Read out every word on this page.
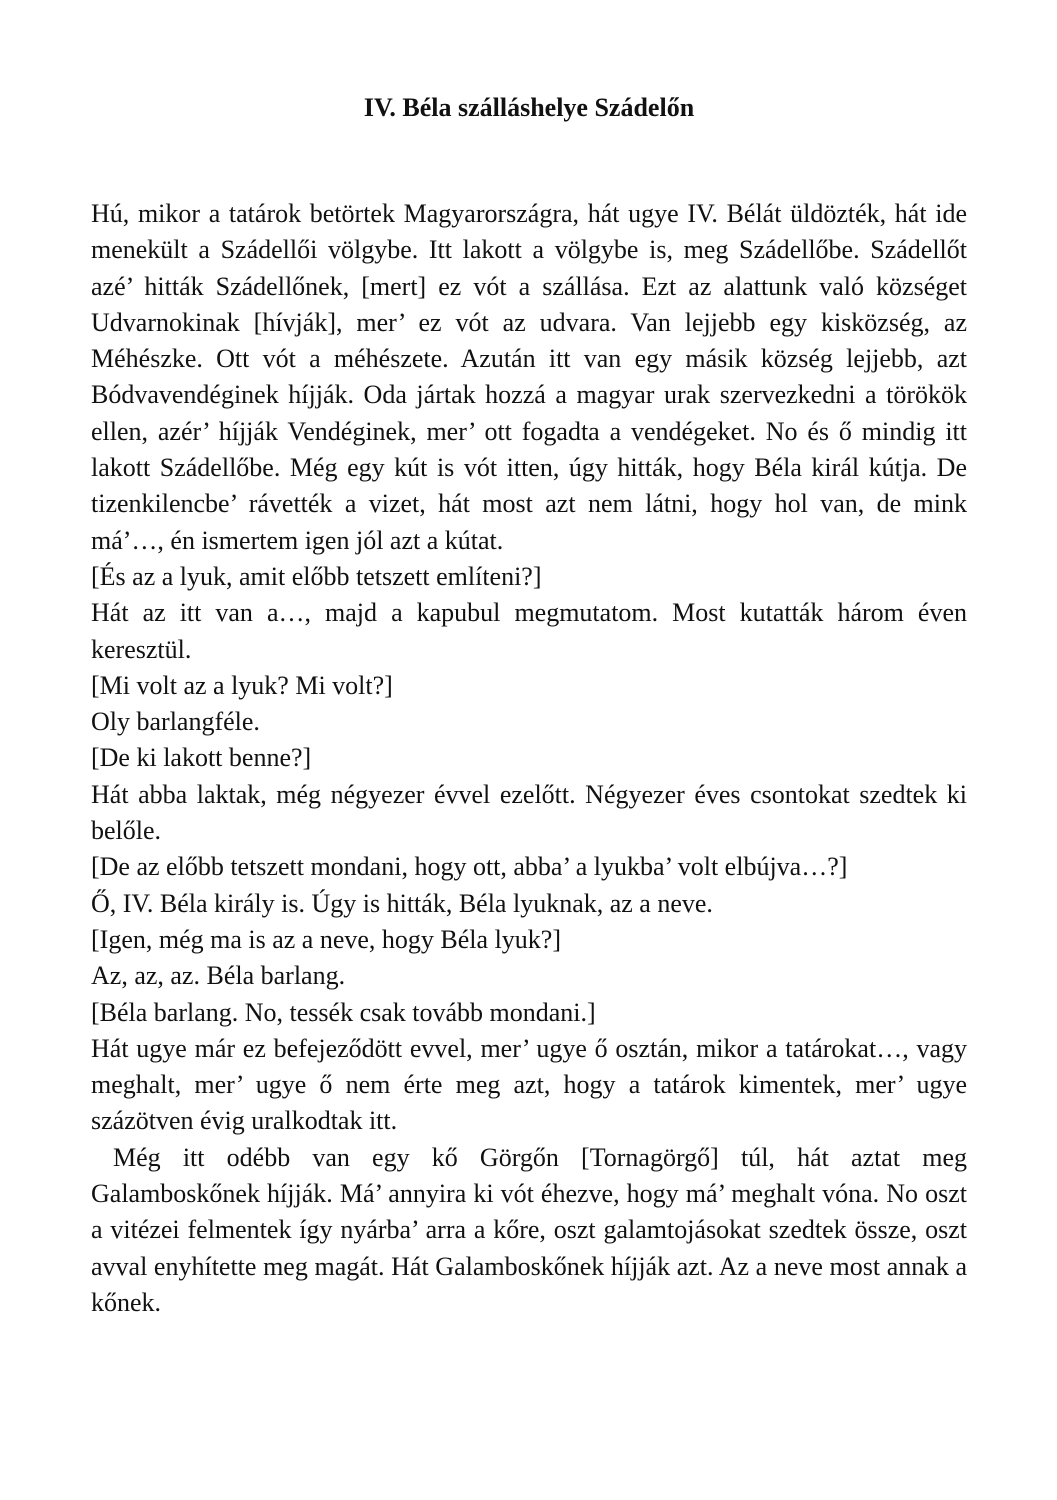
IV. Béla szálláshelye Szádelőn

Hú, mikor a tatárok betörtek Magyarországra, hát ugye IV. Bélát üldözték, hát ide menekült a Szádellői völgybe. Itt lakott a völgybe is, meg Szádellőbe. Szádellőt azé’ hitták Szádellőnek, [mert] ez vót a szállása. Ezt az alattunk való községet Udvarnokinak [hívják], mer’ ez vót az udvara. Van lejjebb egy kisközség, az Méhészke. Ott vót a méhészete. Azután itt van egy másik község lejjebb, azt Bódvavendéginek híjják. Oda jártak hozzá a magyar urak szervezkedni a törökök ellen, azér’ híjják Vendéginek, mer’ ott fogadta a vendégeket. No és ő mindig itt lakott Szádellőbe. Még egy kút is vót itten, úgy hitták, hogy Béla királ kútja. De tizenkilencbe’ rávették a vizet, hát most azt nem látni, hogy hol van, de mink má’…, én ismertem igen jól azt a kútat.

[És az a lyuk, amit előbb tetszett említeni?]

Hát az itt van a…, majd a kapubul megmutatom. Most kutatták három éven keresztül.

[Mi volt az a lyuk? Mi volt?]

Oly barlangféle.

[De ki lakott benne?]

Hát abba laktak, még négyezer évvel ezelőtt. Négyezer éves csontokat szedtek ki belőle.

[De az előbb tetszett mondani, hogy ott, abba’ a lyukba’ volt elbújva…?]

Ő, IV. Béla király is. Úgy is hitták, Béla lyuknak, az a neve.

[Igen, még ma is az a neve, hogy Béla lyuk?]

Az, az, az. Béla barlang.

[Béla barlang. No, tessék csak tovább mondani.]

Hát ugye már ez befejeződött evvel, mer’ ugye ő osztán, mikor a tatárokat…, vagy meghalt, mer’ ugye ő nem érte meg azt, hogy a tatárok kimentek, mer’ ugye százötven évig uralkodtak itt.

Még itt odébb van egy kő Görgőn [Tornagörgő] túl, hát aztat meg Galamboskőnek híjják. Má’ annyira ki vót éhezve, hogy má’ meghalt vóna. No oszt a vitézei felmentek így nyárba’ arra a kőre, oszt galamtojásokat szedtek össze, oszt avval enyhítette meg magát. Hát Galamboskőnek híjják azt. Az a neve most annak a kőnek.
